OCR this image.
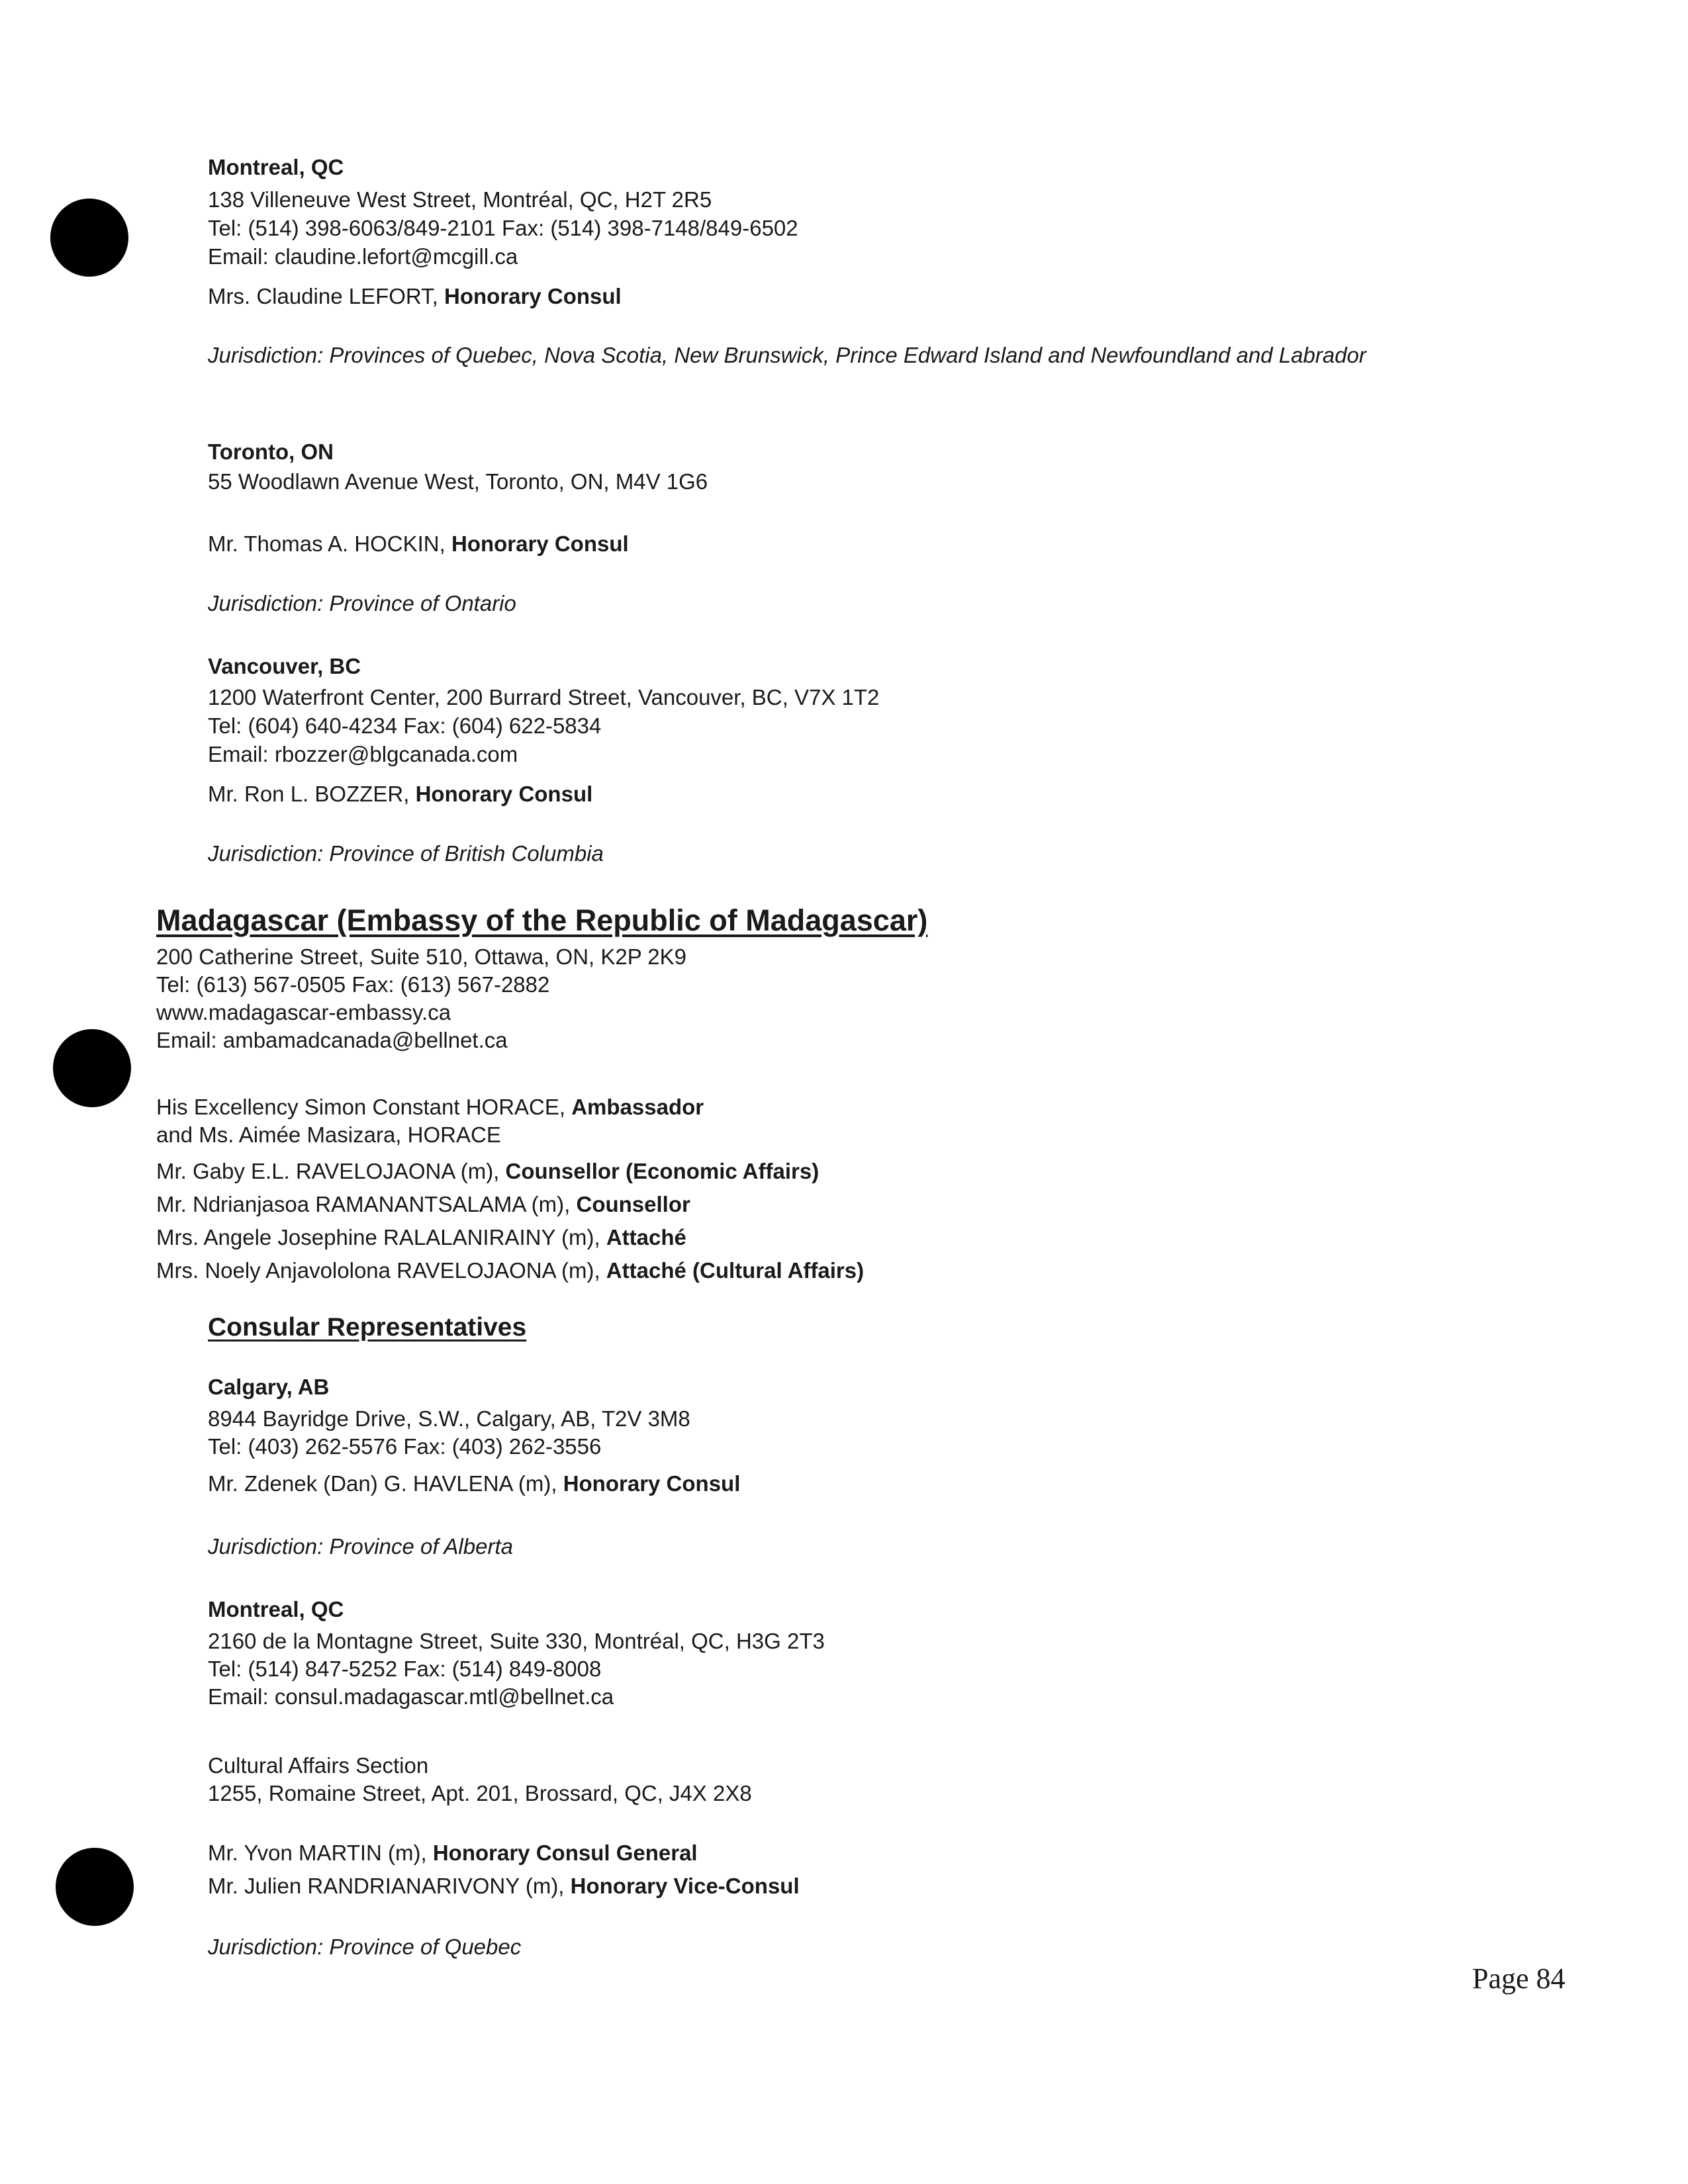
Montreal, QC
138 Villeneuve West Street, Montréal, QC, H2T 2R5
Tel: (514) 398-6063/849-2101 Fax: (514) 398-7148/849-6502
Email: claudine.lefort@mcgill.ca
Mrs. Claudine LEFORT, Honorary Consul
Jurisdiction: Provinces of Quebec, Nova Scotia, New Brunswick, Prince Edward Island and Newfoundland and Labrador
Toronto, ON
55 Woodlawn Avenue West, Toronto, ON, M4V 1G6
Mr. Thomas A. HOCKIN, Honorary Consul
Jurisdiction: Province of Ontario
Vancouver, BC
1200 Waterfront Center, 200 Burrard Street, Vancouver, BC, V7X 1T2
Tel: (604) 640-4234 Fax: (604) 622-5834
Email: rbozzer@blgcanada.com
Mr. Ron L. BOZZER, Honorary Consul
Jurisdiction: Province of British Columbia
Madagascar (Embassy of the Republic of Madagascar)
200 Catherine Street, Suite 510, Ottawa, ON, K2P 2K9
Tel: (613) 567-0505 Fax: (613) 567-2882
www.madagascar-embassy.ca
Email: ambamadcanada@bellnet.ca
His Excellency Simon Constant HORACE, Ambassador
and Ms. Aimée Masizara, HORACE
Mr. Gaby E.L. RAVELOJAONA (m), Counsellor (Economic Affairs)
Mr. Ndrianjasoa RAMANANTSALAMA (m), Counsellor
Mrs. Angele Josephine RALALANIRAINY (m), Attaché
Mrs. Noely Anjavololona RAVELOJAONA (m), Attaché (Cultural Affairs)
Consular Representatives
Calgary, AB
8944 Bayridge Drive, S.W., Calgary, AB, T2V 3M8
Tel: (403) 262-5576 Fax: (403) 262-3556
Mr. Zdenek (Dan) G. HAVLENA (m), Honorary Consul
Jurisdiction: Province of Alberta
Montreal, QC
2160 de la Montagne Street, Suite 330, Montréal, QC, H3G 2T3
Tel: (514) 847-5252 Fax: (514) 849-8008
Email: consul.madagascar.mtl@bellnet.ca
Cultural Affairs Section
1255, Romaine Street, Apt. 201, Brossard, QC, J4X 2X8
Mr. Yvon MARTIN (m), Honorary Consul General
Mr. Julien RANDRIANARIVONY (m), Honorary Vice-Consul
Jurisdiction: Province of Quebec
Page 84
